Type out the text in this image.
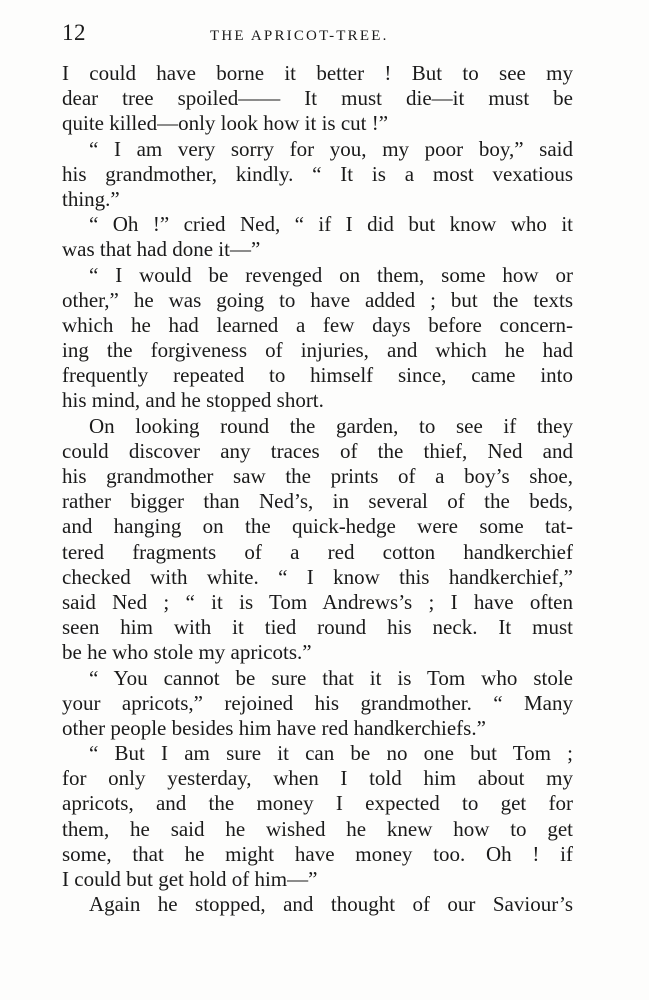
12	THE APRICOT-TREE.
I could have borne it better ! But to see my
dear tree spoiled—— It must die—it must be
quite killed—only look how it is cut !”
“ I am very sorry for you, my poor boy,” said
his grandmother, kindly. “ It is a most vexatious
thing.”
“ Oh !” cried Ned, “ if I did but know who it
was that had done it—”
“ I would be revenged on them, some how or
other,” he was going to have added ; but the texts
which he had learned a few days before concern-
ing the forgiveness of injuries, and which he had
frequently repeated to himself since, came into
his mind, and he stopped short.
On looking round the garden, to see if they
could discover any traces of the thief, Ned and
his grandmother saw the prints of a boy’s shoe,
rather bigger than Ned’s, in several of the beds,
and hanging on the quick-hedge were some tat-
tered fragments of a red cotton handkerchief
checked with white. “ I know this handkerchief,”
said Ned ; “ it is Tom Andrews’s ; I have often
seen him with it tied round his neck. It must
be he who stole my apricots.”
“ You cannot be sure that it is Tom who stole
your apricots,” rejoined his grandmother. “ Many
other people besides him have red handkerchiefs.”
“ But I am sure it can be no one but Tom ;
for only yesterday, when I told him about my
apricots, and the money I expected to get for
them, he said he wished he knew how to get
some, that he might have money too. Oh ! if
I could but get hold of him—”
Again he stopped, and thought of our Saviour’s
